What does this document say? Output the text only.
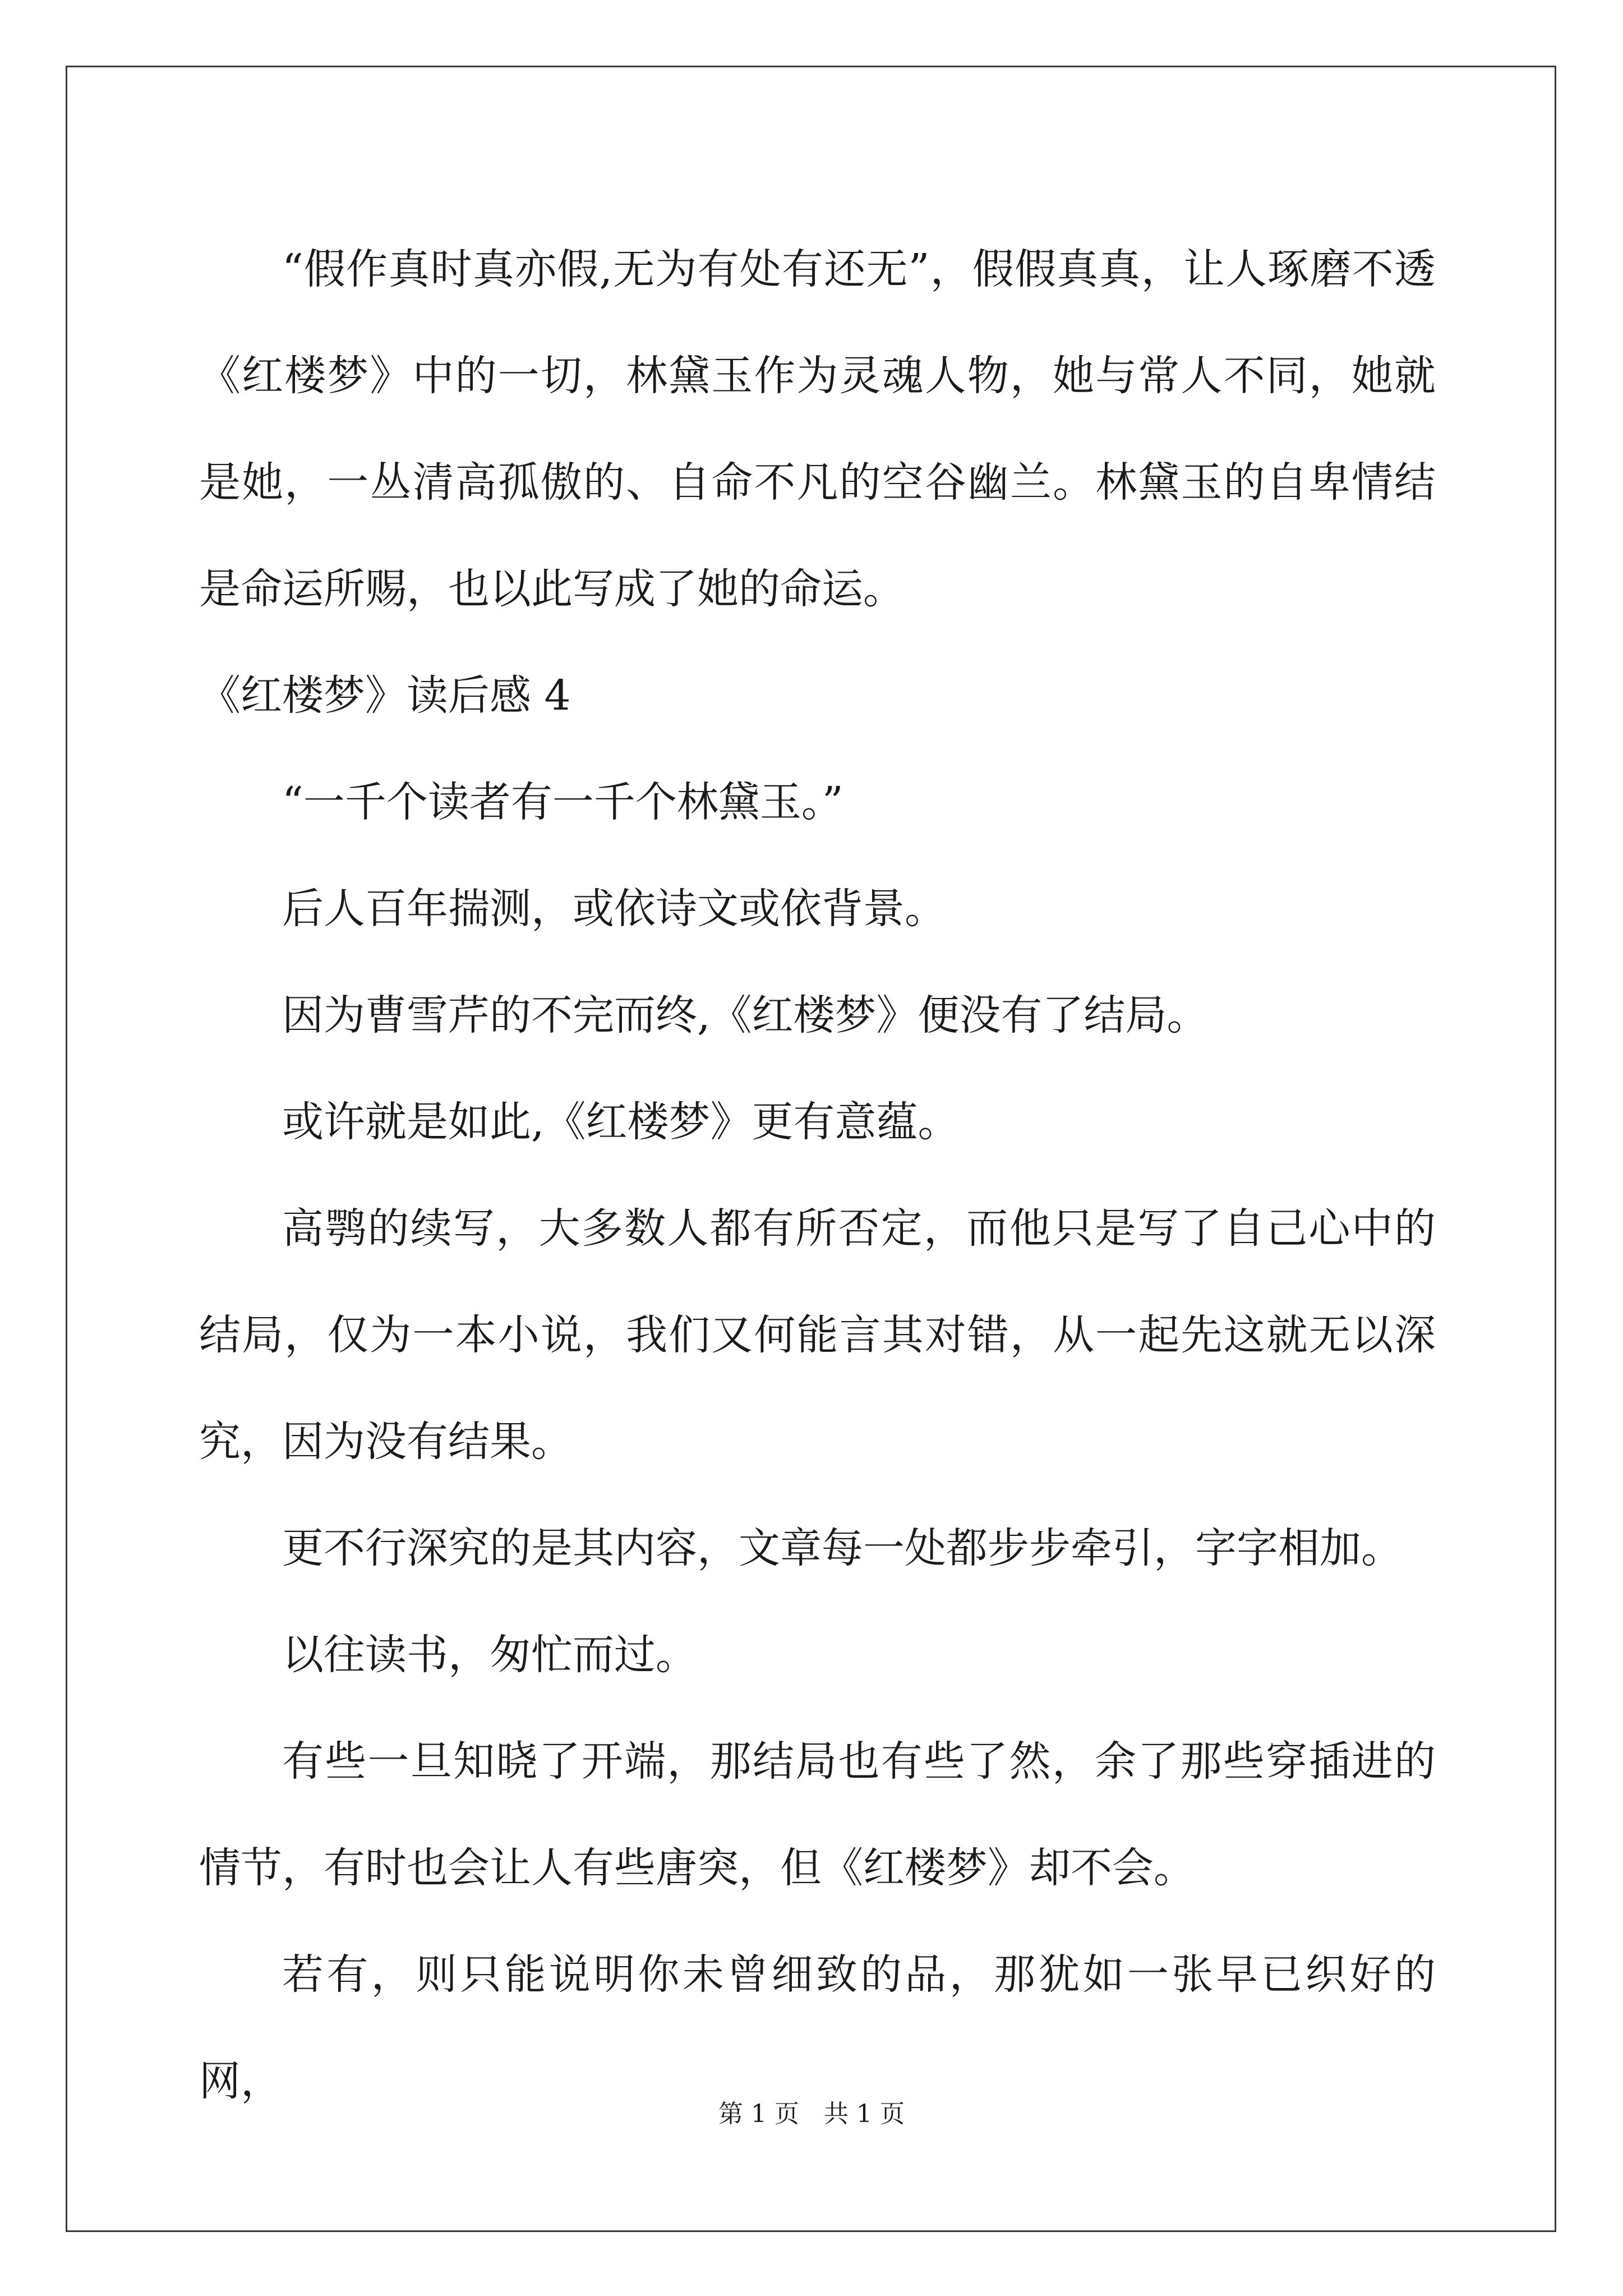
“假作真时真亦假,无为有处有还无”，假假真真，让人琢磨不透《红楼梦》中的一切，林黛玉作为灵魂人物，她与常人不同，她就是她，一丛清高孤傲的、自命不凡的空谷幽兰。林黛玉的自卑情结是命运所赐，也以此写成了她的命运。

《红楼梦》读后感 4

“一千个读者有一千个林黛玉。”

后人百年揣测，或依诗文或依背景。

因为曹雪芹的不完而终,《红楼梦》便没有了结局。

或许就是如此,《红楼梦》更有意蕴。

高鹗的续写，大多数人都有所否定，而他只是写了自己心中的结局，仅为一本小说，我们又何能言其对错，从一起先这就无以深究，因为没有结果。

更不行深究的是其内容，文章每一处都步步牵引，字字相加。

以往读书，匆忙而过。

有些一旦知晓了开端，那结局也有些了然，余了那些穿插进的情节，有时也会让人有些唐突，但《红楼梦》却不会。

若有，则只能说明你未曾细致的品，那犹如一张早已织好的网，

第 1 页 共 1 页
